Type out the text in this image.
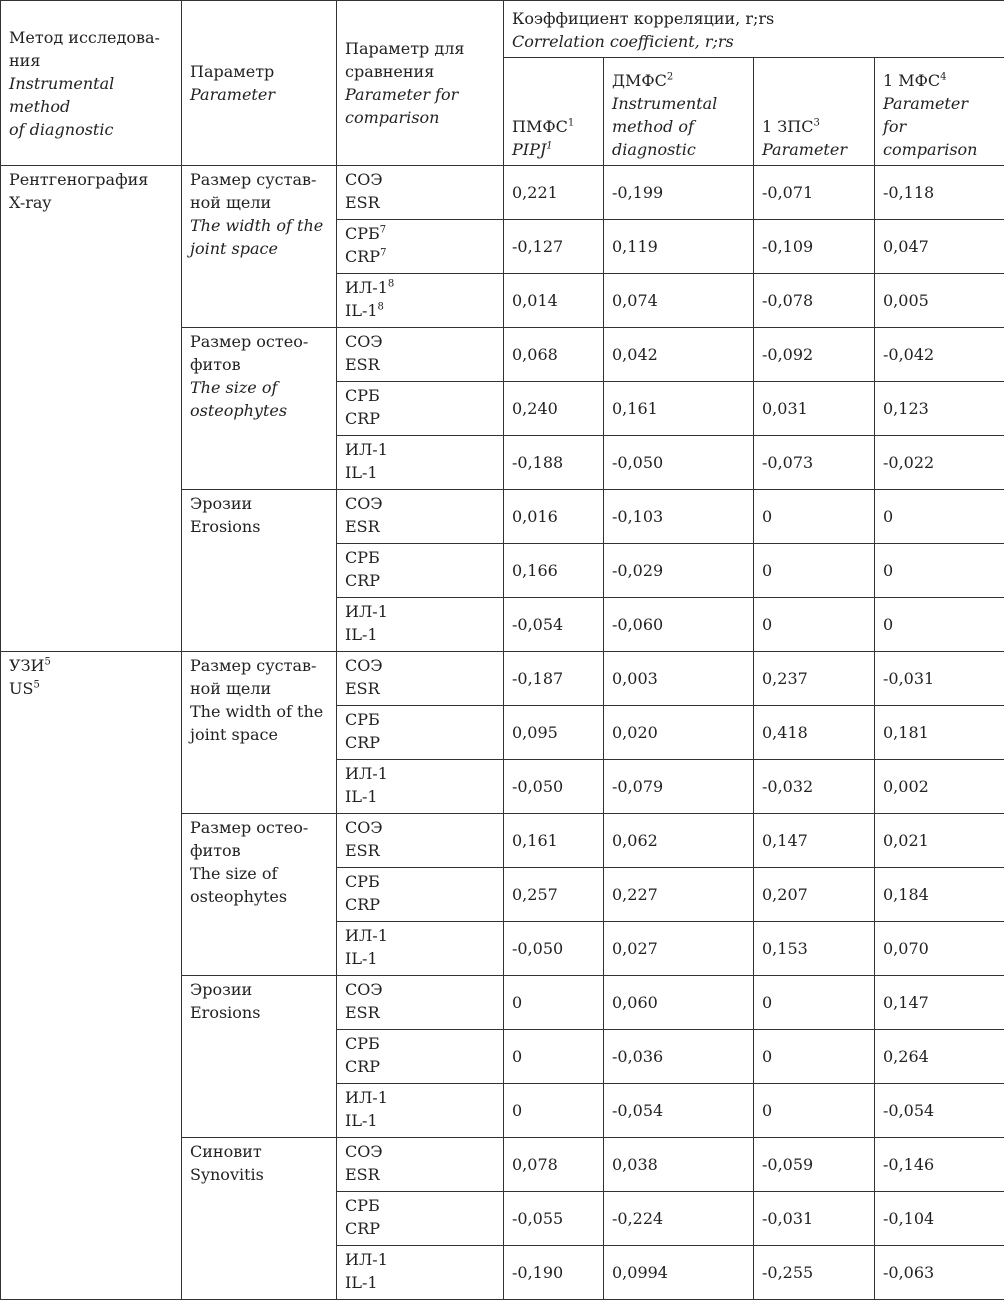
Метод исследова-
ния
Instrumental method
of diagnostic	Параметр
Parameter	Параметр для
сравнения
Parameter for
comparison	Коэффициент корреляции, r;rs
Correlation coefficient, r;rs			

			ПМФС$^1$
PIPJ$^1$	ДМФС$^2$
Instrumental
method of
diagnostic	1 ЗПС$^3$
Parameter	1 МФС$^4$
Parameter
for
comparison

Рентгенография
X-ray	Размер сустав-
ной щели
The width of the
joint space	СОЭ
ESR	0,221	-0,199	-0,071	-0,118

		СРБ$^7$
CRP$^7$	-0,127	0,119	-0,109	0,047

		$ИЛ-1^8$
$IL-1^8$	0,014	0,074	-0,078	0,005

	Размер остео-
фитов
The size of
osteophytes	СОЭ
ESR	0,068	0,042	-0,092	-0,042

		СРБ
CRP	0,240	0,161	0,031	0,123

		ИЛ-1
IL-1	-0,188	-0,050	-0,073	-0,022

	Эрозии
Erosions	СОЭ
ESR	0,016	-0,103	0	0

		СРБ
CRP	0,166	-0,029	0	0

		ИЛ-1
IL-1	-0,054	-0,060	0	0

УЗИ$^5$
$US^5$	Размер сустав-
ной щели
The width of the
joint space	СОЭ
ESR	-0,187	0,003	0,237	-0,031

		СРБ
CRP	0,095	0,020	0,418	0,181

		ИЛ-1
IL-1	-0,050	-0,079	-0,032	0,002

	Размер остео-
фитов
The size of
osteophytes	СОЭ
ESR	0,161	0,062	0,147	0,021

		СРБ
CRP	0,257	0,227	0,207	0,184

		ИЛ-1
IL-1	-0,050	0,027	0,153	0,070

	Эрозии
Erosions	СОЭ
ESR	0	0,060	0	0,147

		СРБ
CRP	0	-0,036	0	0,264

		ИЛ-1
IL-1	0	-0,054	0	-0,054

	Синовит
Synovitis	СОЭ
ESR	0,078	0,038	-0,059	-0,146

		СРБ
CRP	-0,055	-0,224	-0,031	-0,104

		ИЛ-1
IL-1	-0,190	0,0994	-0,255	-0,063
